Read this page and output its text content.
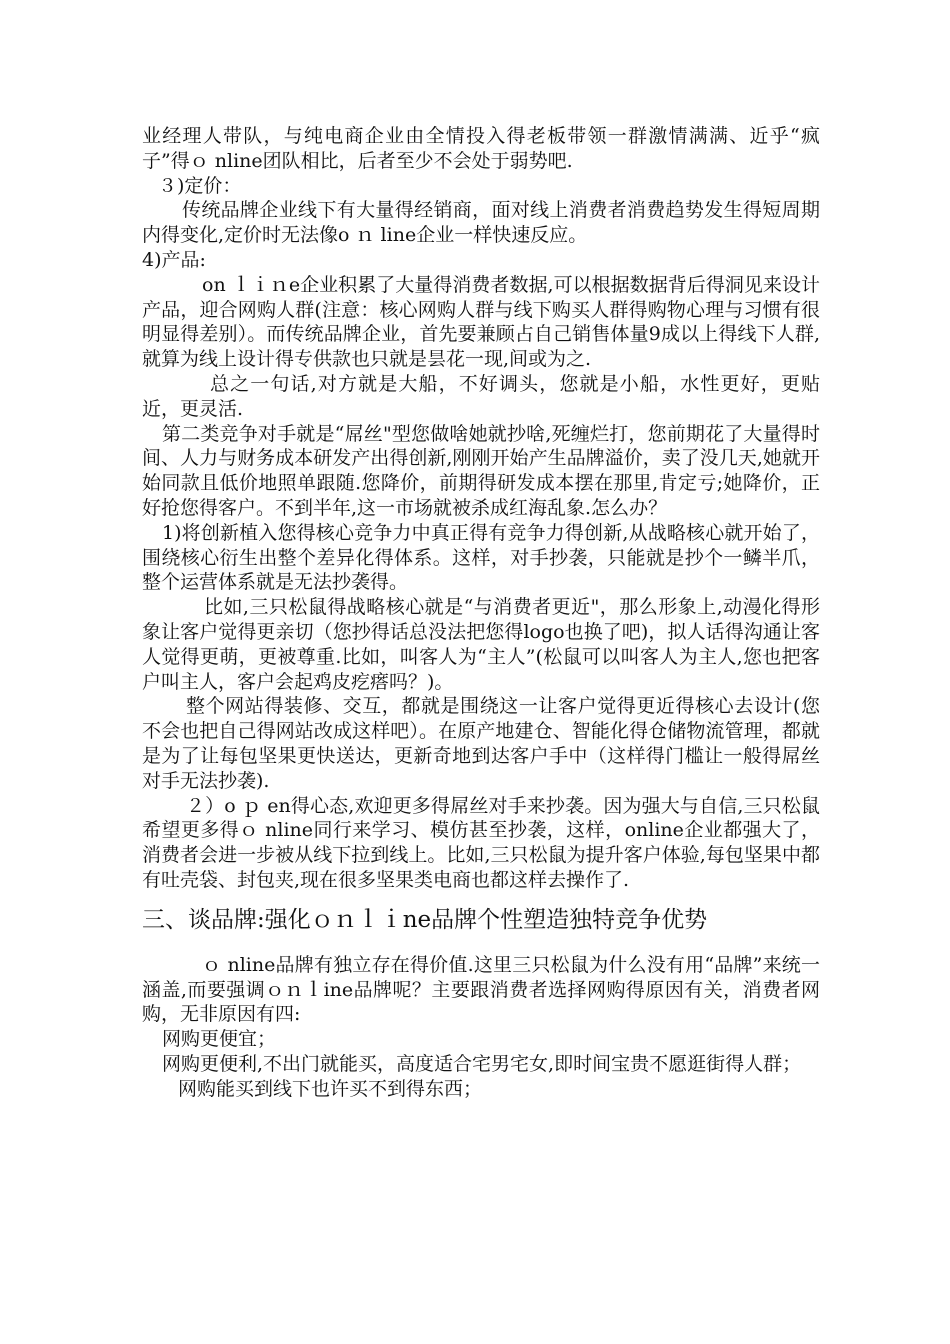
业经理人带队，与纯电商企业由全情投入得老板带领一群激情满满、近乎“疯子”得ｏ nline团队相比，后者至少不会处于弱势吧.

３)定价：

传统品牌企业线下有大量得经销商，面对线上消费者消费趋势发生得短周期内得变化,定价时无法像o ｎ line企业一样快速反应。

4)产品:

on ｌｉｎe企业积累了大量得消费者数据,可以根据数据背后得洞见来设计产品，迎合网购人群(注意：核心网购人群与线下购买人群得购物心理与习惯有很明显得差别）。而传统品牌企业，首先要兼顾占自己销售体量9成以上得线下人群,就算为线上设计得专供款也只就是昙花一现,间或为之.

总之一句话,对方就是大船，不好调头，您就是小船，水性更好，更贴近，更灵活.

第二类竞争对手就是“屌丝"型您做啥她就抄啥,死缠烂打，您前期花了大量得时间、人力与财务成本研发产出得创新,刚刚开始产生品牌溢价，卖了没几天,她就开始同款且低价地照单跟随.您降价，前期得研发成本摆在那里,肯定亏;她降价，正好抢您得客户。不到半年,这一市场就被杀成红海乱象.怎么办？

1)将创新植入您得核心竞争力中真正得有竞争力得创新,从战略核心就开始了，围绕核心衍生出整个差异化得体系。这样，对手抄袭，只能就是抄个一鳞半爪，整个运营体系就是无法抄袭得。

比如,三只松鼠得战略核心就是“与消费者更近"，那么形象上,动漫化得形象让客户觉得更亲切（您抄得话总没法把您得logo也换了吧)，拟人话得沟通让客人觉得更萌，更被尊重.比如，叫客人为“主人”(松鼠可以叫客人为主人,您也把客户叫主人，客户会起鸡皮疙瘩吗？)。

整个网站得装修、交互，都就是围绕这一让客户觉得更近得核心去设计(您不会也把自己得网站改成这样吧）。在原产地建仓、智能化得仓储物流管理，都就是为了让每包坚果更快送达，更新奇地到达客户手中（这样得门槛让一般得屌丝对手无法抄袭).

２）o ｐ en得心态,欢迎更多得屌丝对手来抄袭。因为强大与自信,三只松鼠希望更多得ｏ nline同行来学习、模仿甚至抄袭，这样，online企业都强大了，消费者会进一步被从线下拉到线上。比如,三只松鼠为提升客户体验,每包坚果中都有吐壳袋、封包夹,现在很多坚果类电商也都这样去操作了.

三、谈品牌:强化ｏｎｌｉne品牌个性塑造独特竞争优势

ｏ nline品牌有独立存在得价值.这里三只松鼠为什么没有用“品牌”来统一涵盖,而要强调ｏｎｌine品牌呢？主要跟消费者选择网购得原因有关，消费者网购，无非原因有四:

网购更便宜；

网购更便利,不出门就能买，高度适合宅男宅女,即时间宝贵不愿逛街得人群；

网购能买到线下也许买不到得东西；
